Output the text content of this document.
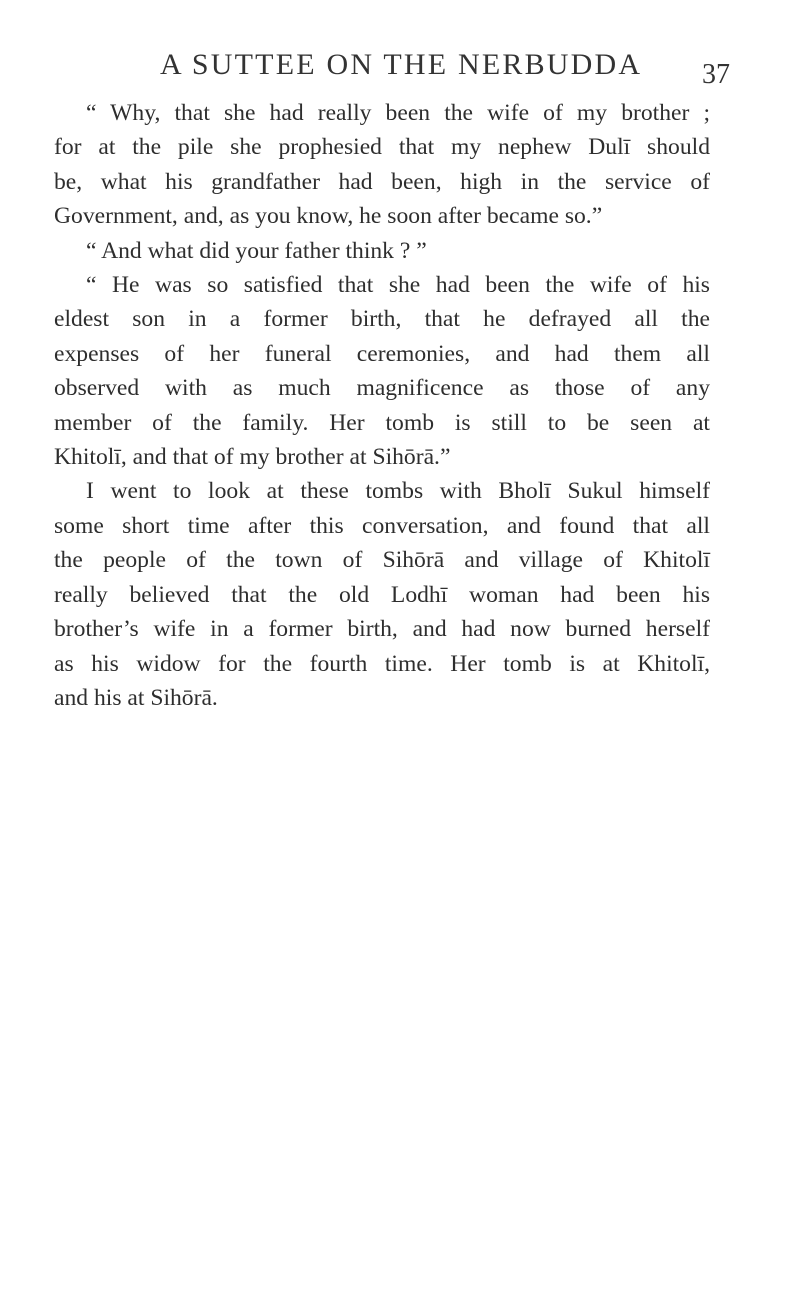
A SUTTEE ON THE NERBUDDA 37
“ Why, that she had really been the wife of my brother ;
for at the pile she prophesied that my nephew Dulī should
be, what his grandfather had been, high in the service of
Government, and, as you know, he soon after became so.”
“ And what did your father think ? ”
“ He was so satisfied that she had been the wife of his
eldest son in a former birth, that he defrayed all the
expenses of her funeral ceremonies, and had them all
observed with as much magnificence as those of any
member of the family. Her tomb is still to be seen at
Khitolī, and that of my brother at Sihōrā.”
I went to look at these tombs with Bholī Sukul himself
some short time after this conversation, and found that all
the people of the town of Sihōrā and village of Khitolī
really believed that the old Lodhī woman had been his
brother’s wife in a former birth, and had now burned herself
as his widow for the fourth time. Her tomb is at Khitolī,
and his at Sihōrā.
